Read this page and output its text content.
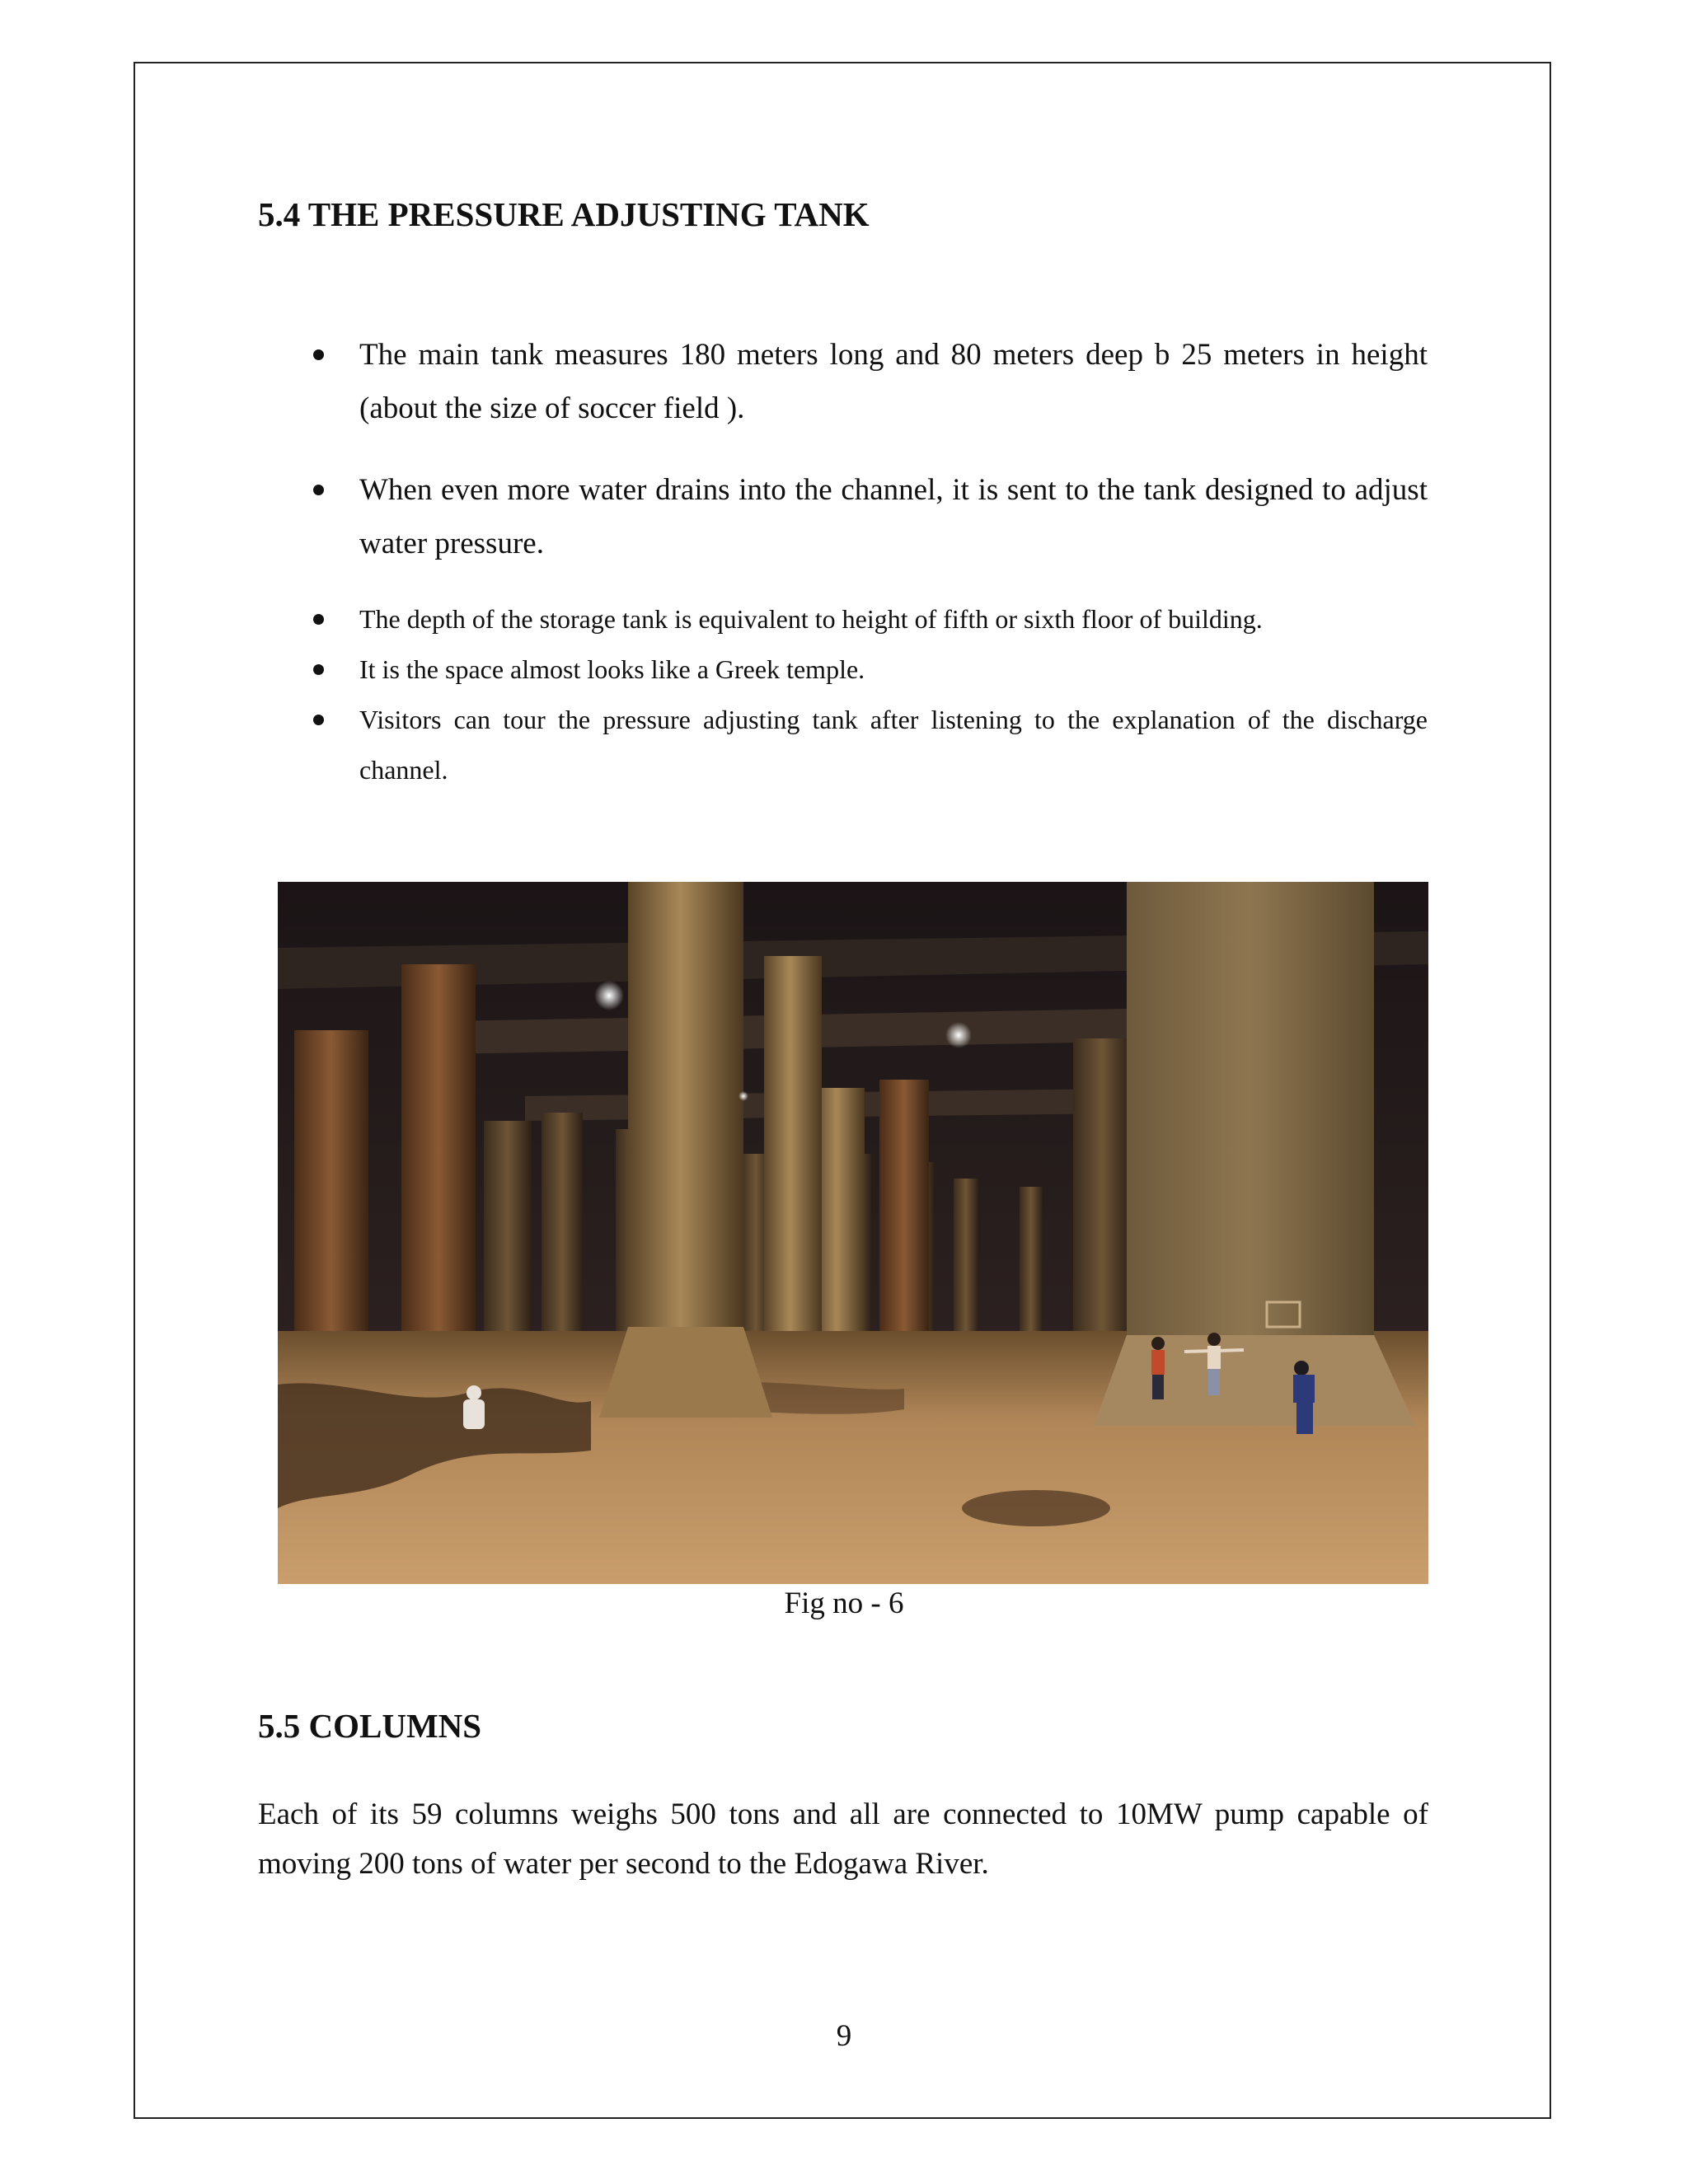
5.4 THE PRESSURE ADJUSTING TANK
The main tank measures 180 meters long and 80 meters deep b 25 meters in height (about the size of soccer field ).
When even more water drains into the channel, it is sent to the tank designed to adjust water pressure.
The depth of the storage tank is equivalent to height of fifth or sixth floor of building.
It is the space almost looks like a Greek temple.
Visitors can tour the pressure adjusting tank after listening to the explanation of the discharge channel.
Fig no - 6
5.5 COLUMNS

Each of its 59 columns weighs 500 tons and all are connected to 10MW pump capable of moving 200 tons of water per second to the Edogawa River.

9
